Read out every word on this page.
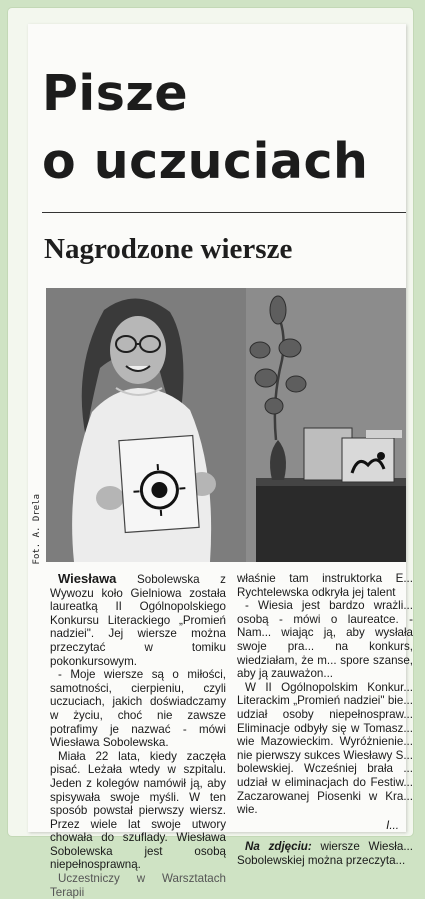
Pisze
o uczuciach
Nagrodzone wiersze
Fot. A. Drela

Wiesława Sobolewska z Wywozu koło Gielniowa została laureatką II Ogólnopolskiego Konkursu Literackiego „Promień nadziei". Jej wiersze można przeczytać w tomiku pokonkursowym.

- Moje wiersze są o miłości, samotności, cierpieniu, czyli uczuciach, jakich doświadczamy w życiu, choć nie zawsze potrafimy je nazwać - mówi Wiesława Sobolewska.

Miała 22 lata, kiedy zaczęła pisać. Leżała wtedy w szpitalu. Jeden z kolegów namówił ją, aby spisywała swoje myśli. W ten sposób powstał pierwszy wiersz. Przez wiele lat swoje utwory chowała do szuflady. Wiesława Sobolewska jest osobą niepełnosprawną.

Uczestniczy w Warsztatach Terapii

właśnie tam instruktorka E... Rychtelewska odkryła jej talent

- Wiesia jest bardzo wrażli... osobą - mówi o laureatce. - Nam... wiając ją, aby wysłała swoje pra... na konkurs, wiedziałam, że m... spore szanse, aby ją zauważon...

W II Ogólnopolskim Konkur... Literackim „Promień nadziei" bie... udział osoby niepełnospraw... Eliminacje odbyły się w Tomasz... wie Mazowieckim. Wyróżnienie... nie pierwszy sukces Wiesławy S... bolewskiej. Wcześniej brała ... udział w eliminacjach do Festiw... Zaczarowanej Piosenki w Kra... wie.

I...

Na zdjęciu: wiersze Wiesła... Sobolewskiej można przeczyta...
